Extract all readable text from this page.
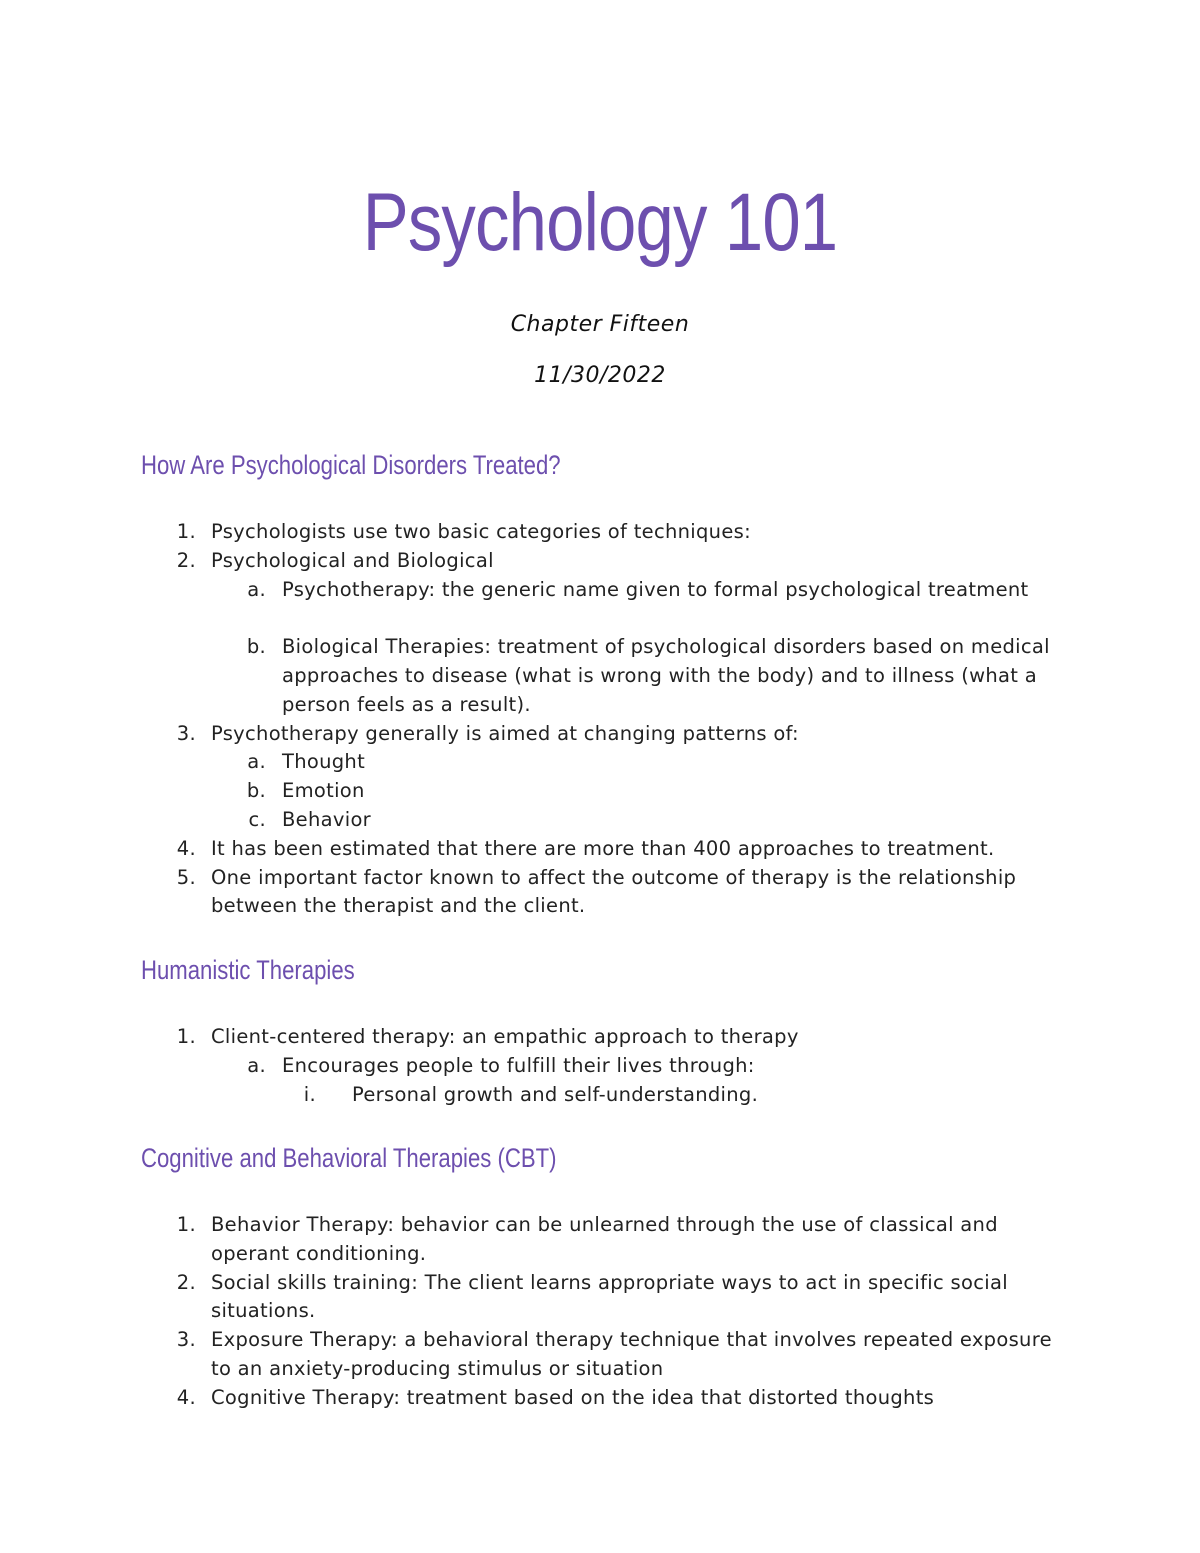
Psychology 101
Chapter Fifteen
11/30/2022
How Are Psychological Disorders Treated?
1. Psychologists use two basic categories of techniques:
2. Psychological and Biological
a. Psychotherapy: the generic name given to formal psychological treatment
b. Biological Therapies: treatment of psychological disorders based on medical approaches to disease (what is wrong with the body) and to illness (what a person feels as a result).
3. Psychotherapy generally is aimed at changing patterns of:
a. Thought
b. Emotion
c. Behavior
4. It has been estimated that there are more than 400 approaches to treatment.
5. One important factor known to affect the outcome of therapy is the relationship between the therapist and the client.
Humanistic Therapies
1. Client-centered therapy: an empathic approach to therapy
a. Encourages people to fulfill their lives through:
i. Personal growth and self-understanding.
Cognitive and Behavioral Therapies (CBT)
1. Behavior Therapy: behavior can be unlearned through the use of classical and operant conditioning.
2. Social skills training: The client learns appropriate ways to act in specific social situations.
3. Exposure Therapy: a behavioral therapy technique that involves repeated exposure to an anxiety-producing stimulus or situation
4. Cognitive Therapy: treatment based on the idea that distorted thoughts
